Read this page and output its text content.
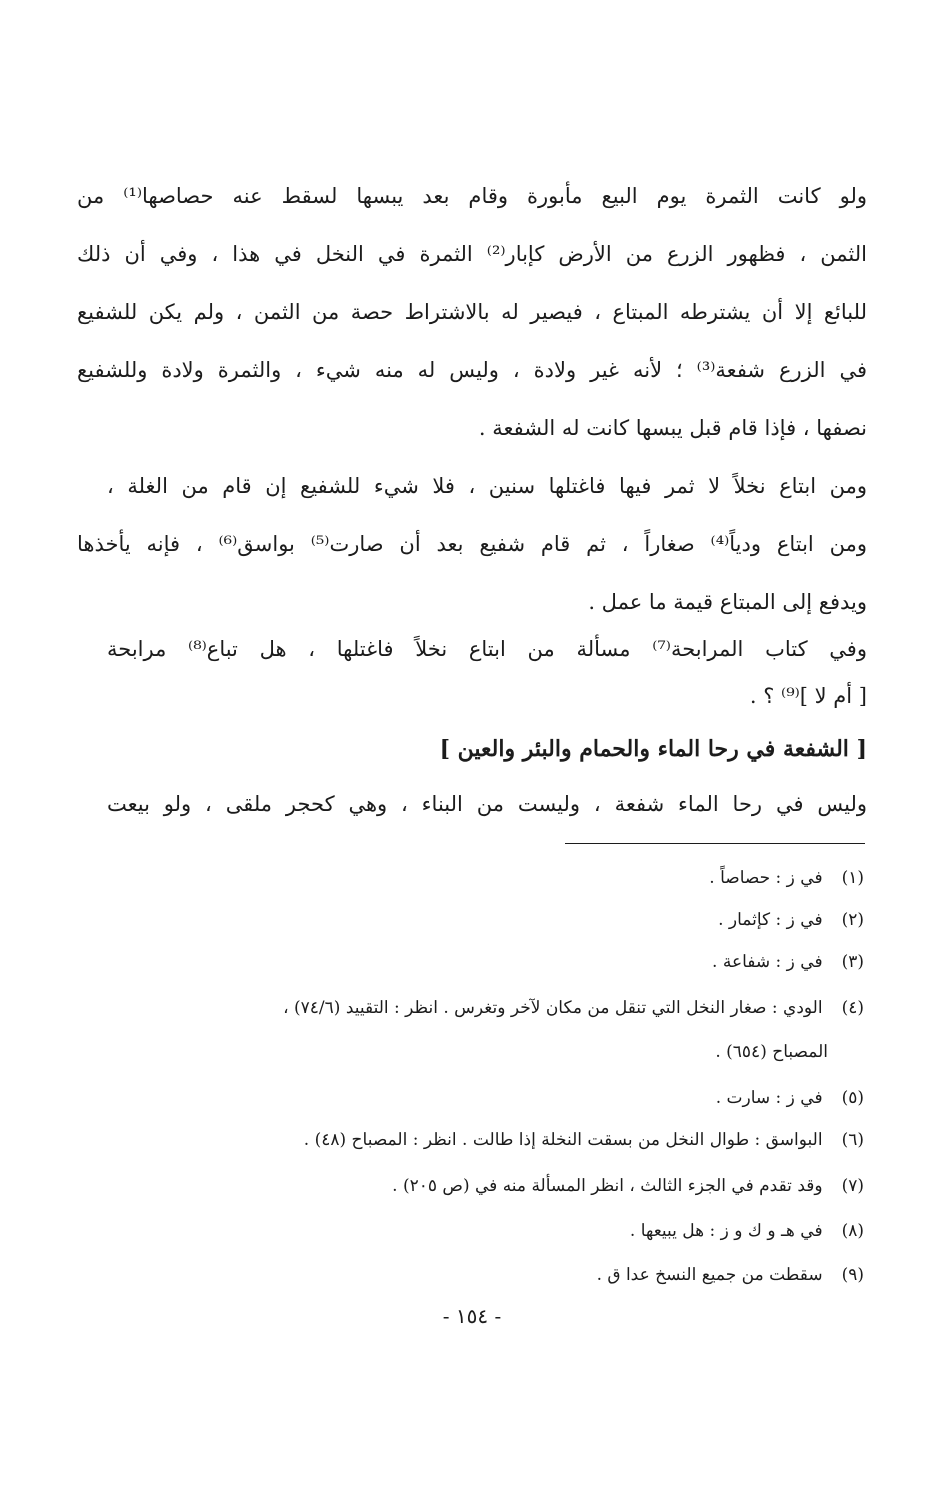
ولو كانت الثمرة يوم البيع مأبورة وقام بعد يبسها لسقط عنه حصاصها⁽¹⁾ من
الثمن ، فظهور الزرع من الأرض كإبار⁽²⁾ الثمرة في النخل في هذا ، وفي أن ذلك
للبائع إلا أن يشترطه المبتاع ، فيصير له بالاشتراط حصة من الثمن ، ولم يكن للشفيع
في الزرع شفعة⁽³⁾ ؛ لأنه غير ولادة ، وليس له منه شيء ، والثمرة ولادة وللشفيع
نصفها ، فإذا قام قبل يبسها كانت له الشفعة .
ومن ابتاع نخلاً لا ثمر فيها فاغتلها سنين ، فلا شيء للشفيع إن قام من الغلة ،
ومن ابتاع ودياً⁽⁴⁾ صغاراً ، ثم قام شفيع بعد أن صارت⁽⁵⁾ بواسق⁽⁶⁾ ، فإنه يأخذها
ويدفع إلى المبتاع قيمة ما عمل .
وفي كتاب المرابحة⁽⁷⁾ مسألة من ابتاع نخلاً فاغتلها ، هل تباع⁽⁸⁾ مرابحة
[ أم لا ]⁽⁹⁾ ؟ .
[ الشفعة في رحا الماء والحمام والبئر والعين ]
وليس في رحا الماء شفعة ، وليست من البناء ، وهي كحجر ملقى ، ولو بيعت
(١) في ز : حصاصاً .
(٢) في ز : كإثمار .
(٣) في ز : شفاعة .
(٤) الودي : صغار النخل التي تنقل من مكان لآخر وتغرس . انظر : التقييد (٧٤/٦) ،
المصباح (٦٥٤) .
(٥) في ز : سارت .
(٦) البواسق : طوال النخل من بسقت النخلة إذا طالت . انظر : المصباح (٤٨) .
(٧) وقد تقدم في الجزء الثالث ، انظر المسألة منه في (ص ٢٠٥) .
(٨) في هـ و ك و ز : هل يبيعها .
(٩) سقطت من جميع النسخ عدا ق .
- ١٥٤ -
